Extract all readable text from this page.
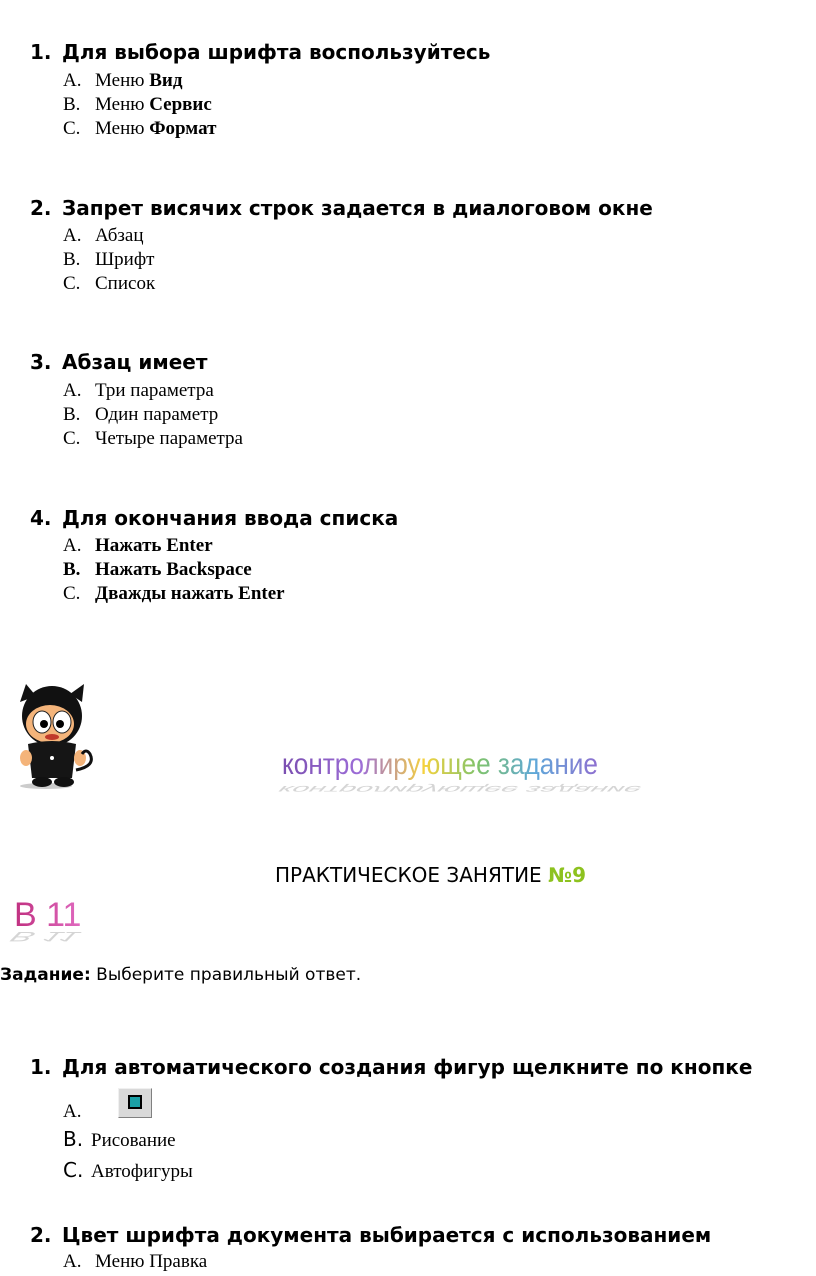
1. Для выбора шрифта воспользуйтесь
A. Меню Вид
B. Меню Сервис
C. Меню Формат
2. Запрет висячих строк задается в диалоговом окне
A. Абзац
B. Шрифт
C. Список
3. Абзац имеет
A. Три параметра
B. Один параметр
C. Четыре параметра
4. Для окончания ввода списка
A. Нажать Enter
B. Нажать Backspace
C. Дважды нажать Enter
контролирующее задание
контролирующее задание
ПРАКТИЧЕСКОЕ ЗАНЯТИЕ №9
В 11
В 11
Задание: Выберите правильный ответ.
1. Для автоматического создания фигур щелкните по кнопке
A.
B. Рисование
C. Автофигуры
2. Цвет шрифта документа выбирается с использованием
A. Меню Правка
